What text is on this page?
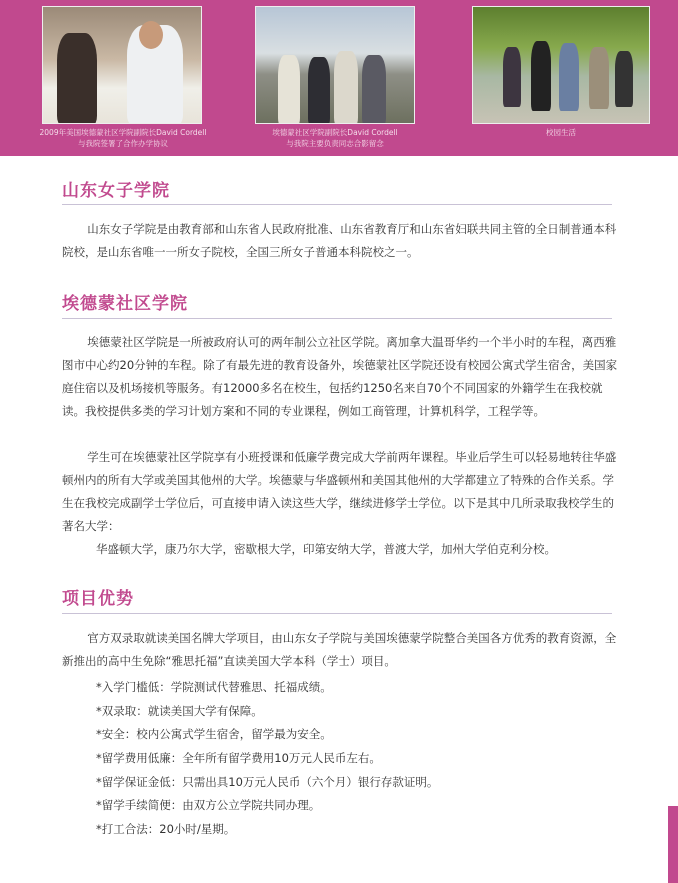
2009年美国埃德蒙社区学院副院长David Cordell
与我院签署了合作办学协议
埃德蒙社区学院副院长David Cordell
与我院主要负责同志合影留念
校园生活
山东女子学院

山东女子学院是由教育部和山东省人民政府批准、山东省教育厅和山东省妇联共同主管的全日制普通本科院校，是山东省唯一一所女子院校，全国三所女子普通本科院校之一。

埃德蒙社区学院

埃德蒙社区学院是一所被政府认可的两年制公立社区学院。离加拿大温哥华约一个半小时的车程，离西雅图市中心约20分钟的车程。除了有最先进的教育设备外，埃德蒙社区学院还设有校园公寓式学生宿舍，美国家庭住宿以及机场接机等服务。有12000多名在校生，包括约1250名来自70个不同国家的外籍学生在我校就读。我校提供多类的学习计划方案和不同的专业课程，例如工商管理，计算机科学，工程学等。

学生可在埃德蒙社区学院享有小班授课和低廉学费完成大学前两年课程。毕业后学生可以轻易地转往华盛顿州内的所有大学或美国其他州的大学。埃德蒙与华盛顿州和美国其他州的大学都建立了特殊的合作关系。学生在我校完成副学士学位后，可直接申请入读这些大学，继续进修学士学位。以下是其中几所录取我校学生的著名大学：

华盛顿大学，康乃尔大学，密歇根大学，印第安纳大学，普渡大学，加州大学伯克利分校。
项目优势

官方双录取就读美国名牌大学项目，由山东女子学院与美国埃德蒙学院整合美国各方优秀的教育资源，全新推出的高中生免除“雅思托福”直读美国大学本科（学士）项目。

*入学门槛低：学院测试代替雅思、托福成绩。
*双录取：就读美国大学有保障。
*安全：校内公寓式学生宿舍，留学最为安全。
*留学费用低廉：全年所有留学费用10万元人民币左右。
*留学保证金低：只需出具10万元人民币（六个月）银行存款证明。
*留学手续简便：由双方公立学院共同办理。
*打工合法：20小时/星期。
